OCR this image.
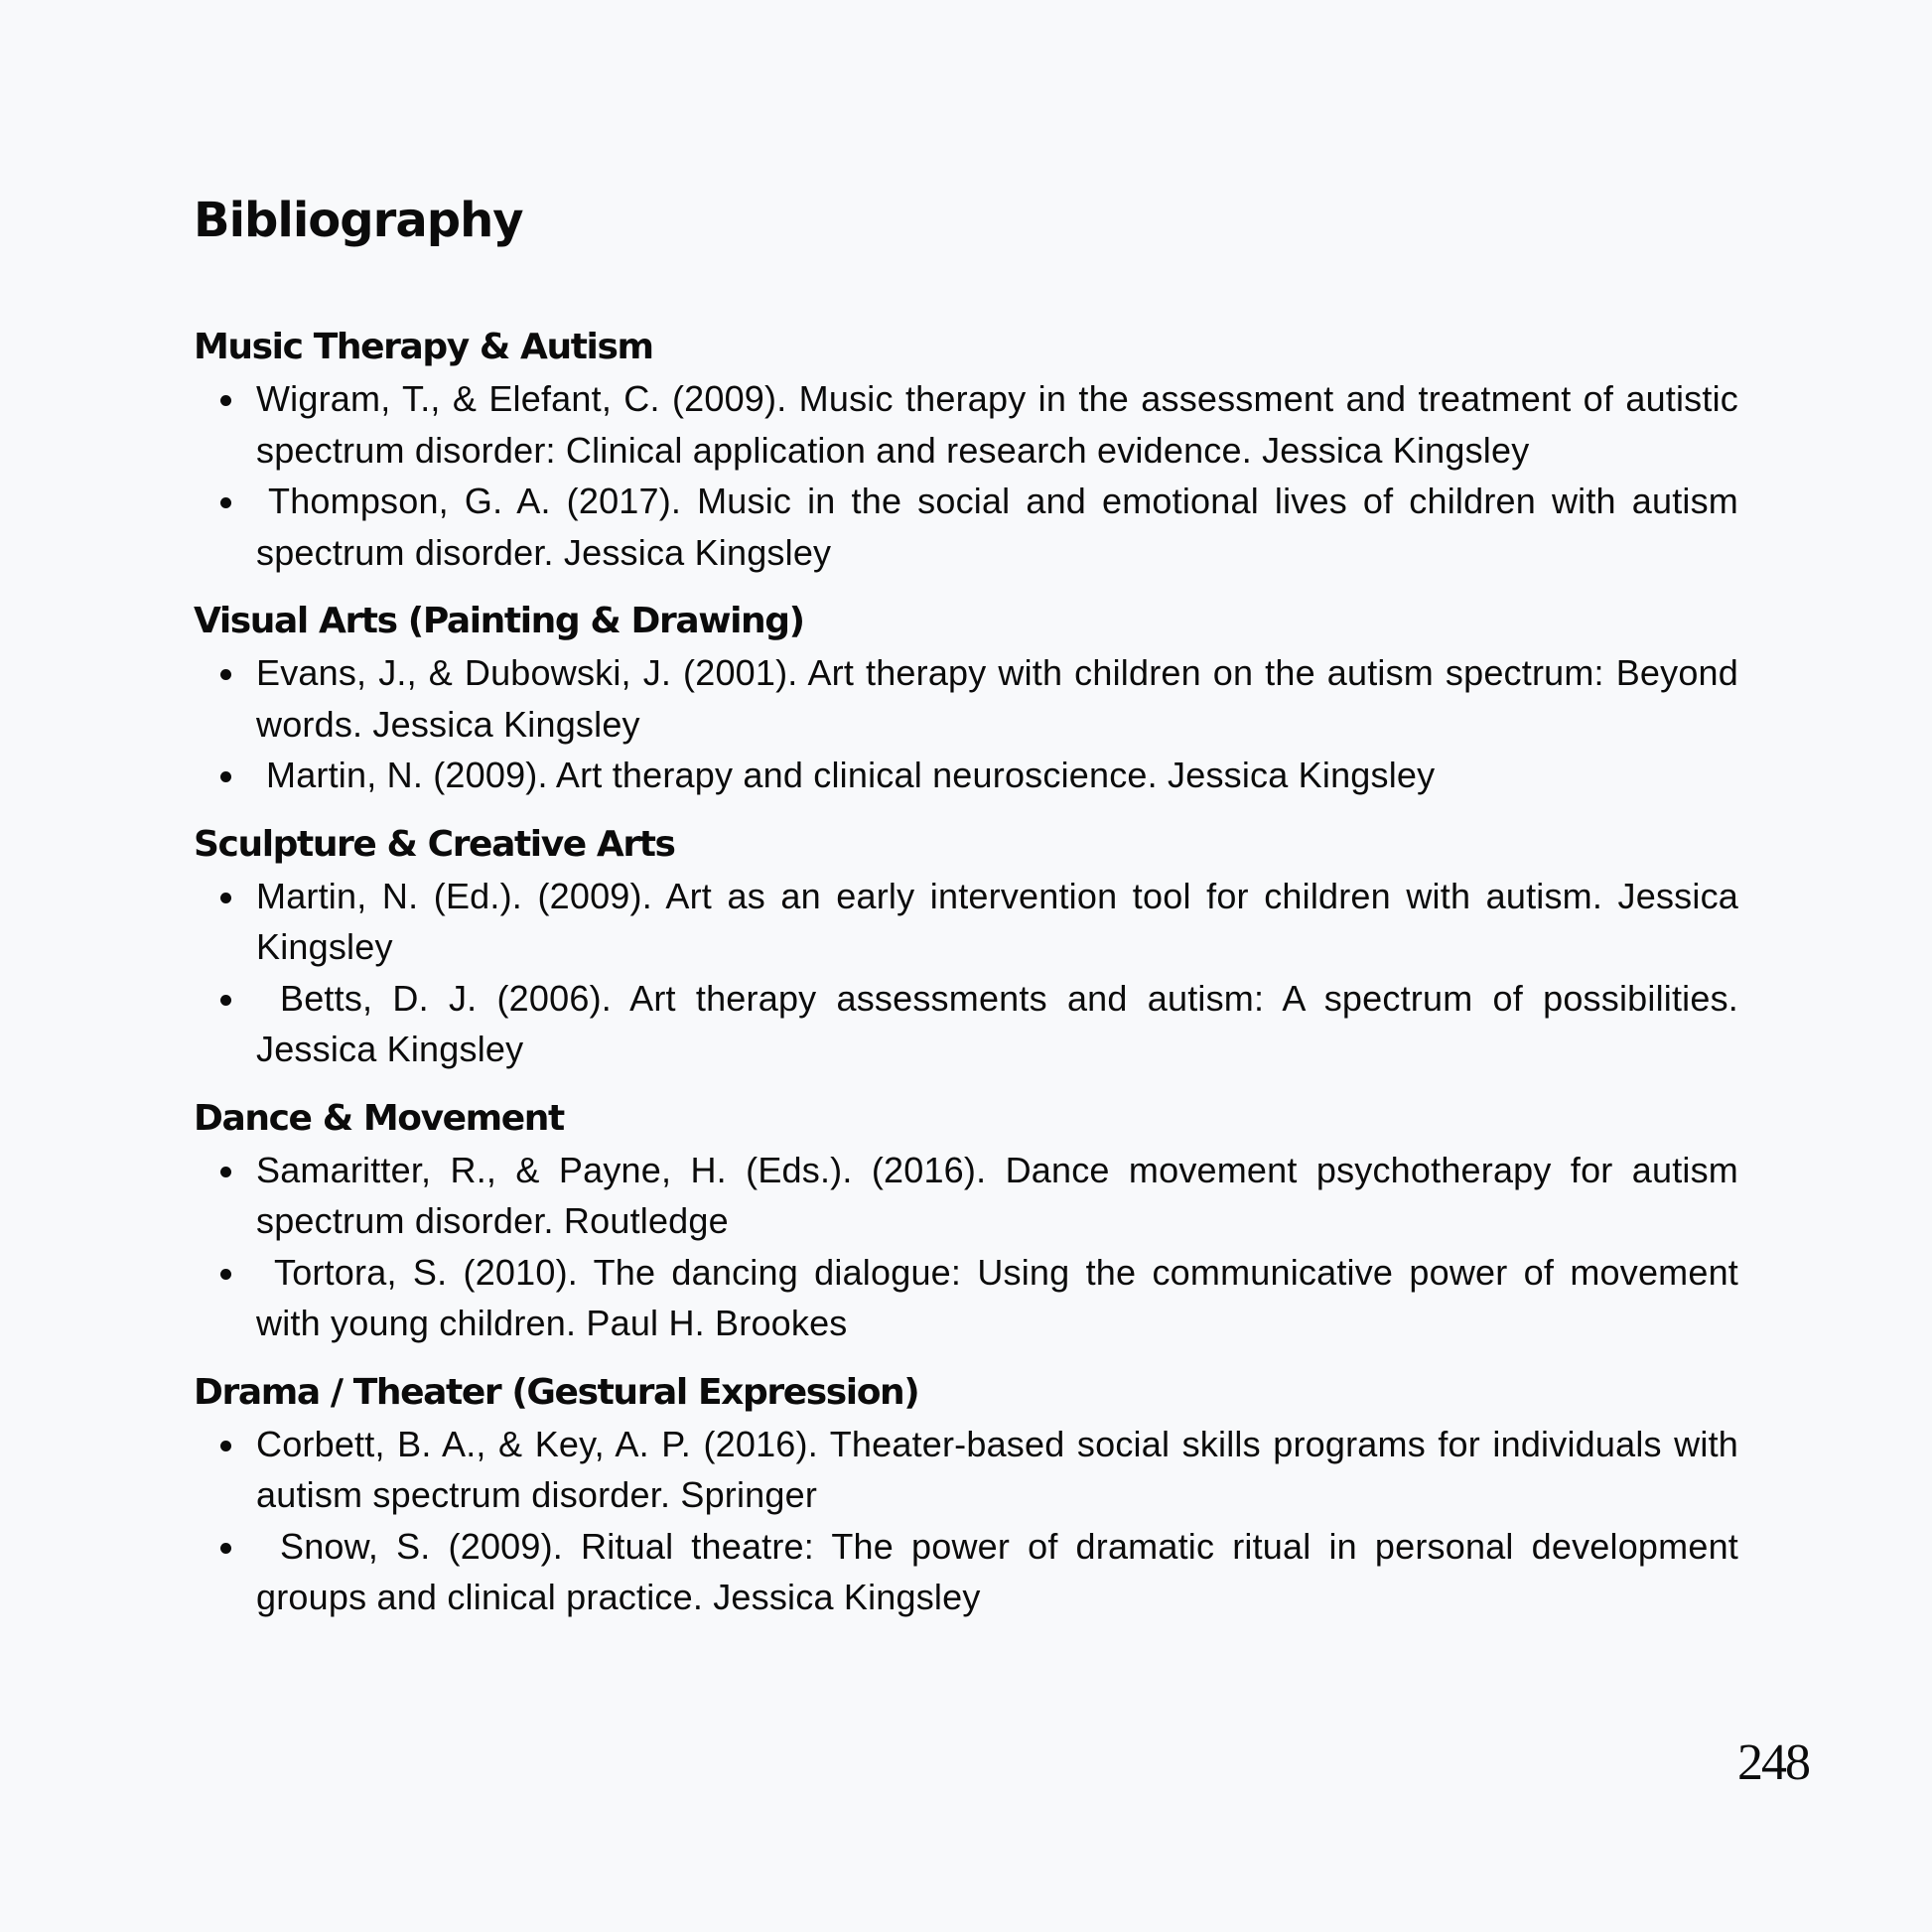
Bibliography
Music Therapy & Autism
Wigram, T., & Elefant, C. (2009). Music therapy in the assessment and treatment of autistic spectrum disorder: Clinical application and research evidence. Jessica Kingsley
Thompson, G. A. (2017). Music in the social and emotional lives of children with autism spectrum disorder. Jessica Kingsley
Visual Arts (Painting & Drawing)
Evans, J., & Dubowski, J. (2001). Art therapy with children on the autism spectrum: Beyond words. Jessica Kingsley
Martin, N. (2009). Art therapy and clinical neuroscience. Jessica Kingsley
Sculpture & Creative Arts
Martin, N. (Ed.). (2009). Art as an early intervention tool for children with autism. Jessica Kingsley
Betts, D. J. (2006). Art therapy assessments and autism: A spectrum of possibilities. Jessica Kingsley
Dance & Movement
Samaritter, R., & Payne, H. (Eds.). (2016). Dance movement psychotherapy for autism spectrum disorder. Routledge
Tortora, S. (2010). The dancing dialogue: Using the communicative power of movement with young children. Paul H. Brookes
Drama / Theater (Gestural Expression)
Corbett, B. A., & Key, A. P. (2016). Theater-based social skills programs for individuals with autism spectrum disorder. Springer
Snow, S. (2009). Ritual theatre: The power of dramatic ritual in personal development groups and clinical practice. Jessica Kingsley
248
